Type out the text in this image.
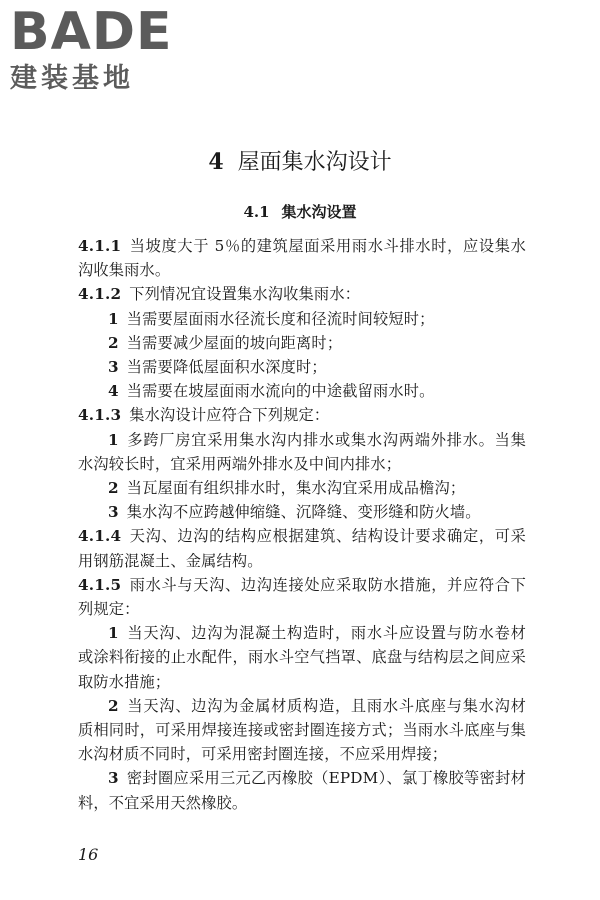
BADE
建装基地
4 屋面集水沟设计
4.1 集水沟设置

4.1.1 当坡度大于 5％的建筑屋面采用雨水斗排水时，应设集水沟收集雨水。

4.1.2 下列情况宜设置集水沟收集雨水：

1 当需要屋面雨水径流长度和径流时间较短时；

2 当需要减少屋面的坡向距离时；

3 当需要降低屋面积水深度时；

4 当需要在坡屋面雨水流向的中途截留雨水时。

4.1.3 集水沟设计应符合下列规定：

1 多跨厂房宜采用集水沟内排水或集水沟两端外排水。当集水沟较长时，宜采用两端外排水及中间内排水；

2 当瓦屋面有组织排水时，集水沟宜采用成品檐沟；

3 集水沟不应跨越伸缩缝、沉降缝、变形缝和防火墙。

4.1.4 天沟、边沟的结构应根据建筑、结构设计要求确定，可采用钢筋混凝土、金属结构。

4.1.5 雨水斗与天沟、边沟连接处应采取防水措施，并应符合下列规定：

1 当天沟、边沟为混凝土构造时，雨水斗应设置与防水卷材或涂料衔接的止水配件，雨水斗空气挡罩、底盘与结构层之间应采取防水措施；

2 当天沟、边沟为金属材质构造，且雨水斗底座与集水沟材质相同时，可采用焊接连接或密封圈连接方式；当雨水斗底座与集水沟材质不同时，可采用密封圈连接，不应采用焊接；

3 密封圈应采用三元乙丙橡胶（EPDM）、氯丁橡胶等密封材料，不宜采用天然橡胶。

16
